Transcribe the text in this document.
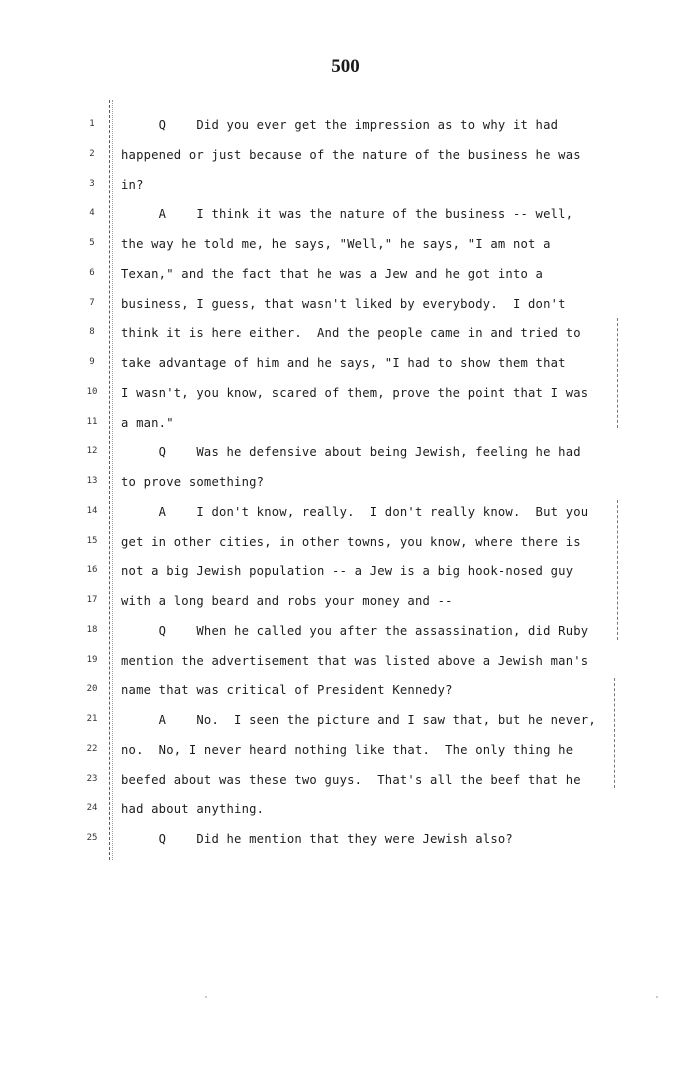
500
1
2
3
4
5
6
7
8
9
10
11
12
13
14
15
16
17
18
19
20
21
22
23
24
25
Q    Did you ever get the impression as to why it had
happened or just because of the nature of the business he was
in?
A    I think it was the nature of the business -- well,
the way he told me, he says, "Well," he says, "I am not a
Texan," and the fact that he was a Jew and he got into a
business, I guess, that wasn't liked by everybody.  I don't
think it is here either.  And the people came in and tried to
take advantage of him and he says, "I had to show them that
I wasn't, you know, scared of them, prove the point that I was
a man."
Q    Was he defensive about being Jewish, feeling he had
to prove something?
A    I don't know, really.  I don't really know.  But you
get in other cities, in other towns, you know, where there is
not a big Jewish population -- a Jew is a big hook-nosed guy
with a long beard and robs your money and --
Q    When he called you after the assassination, did Ruby
mention the advertisement that was listed above a Jewish man's
name that was critical of President Kennedy?
A    No.  I seen the picture and I saw that, but he never,
no.  No, I never heard nothing like that.  The only thing he
beefed about was these two guys.  That's all the beef that he
had about anything.
Q    Did he mention that they were Jewish also?
